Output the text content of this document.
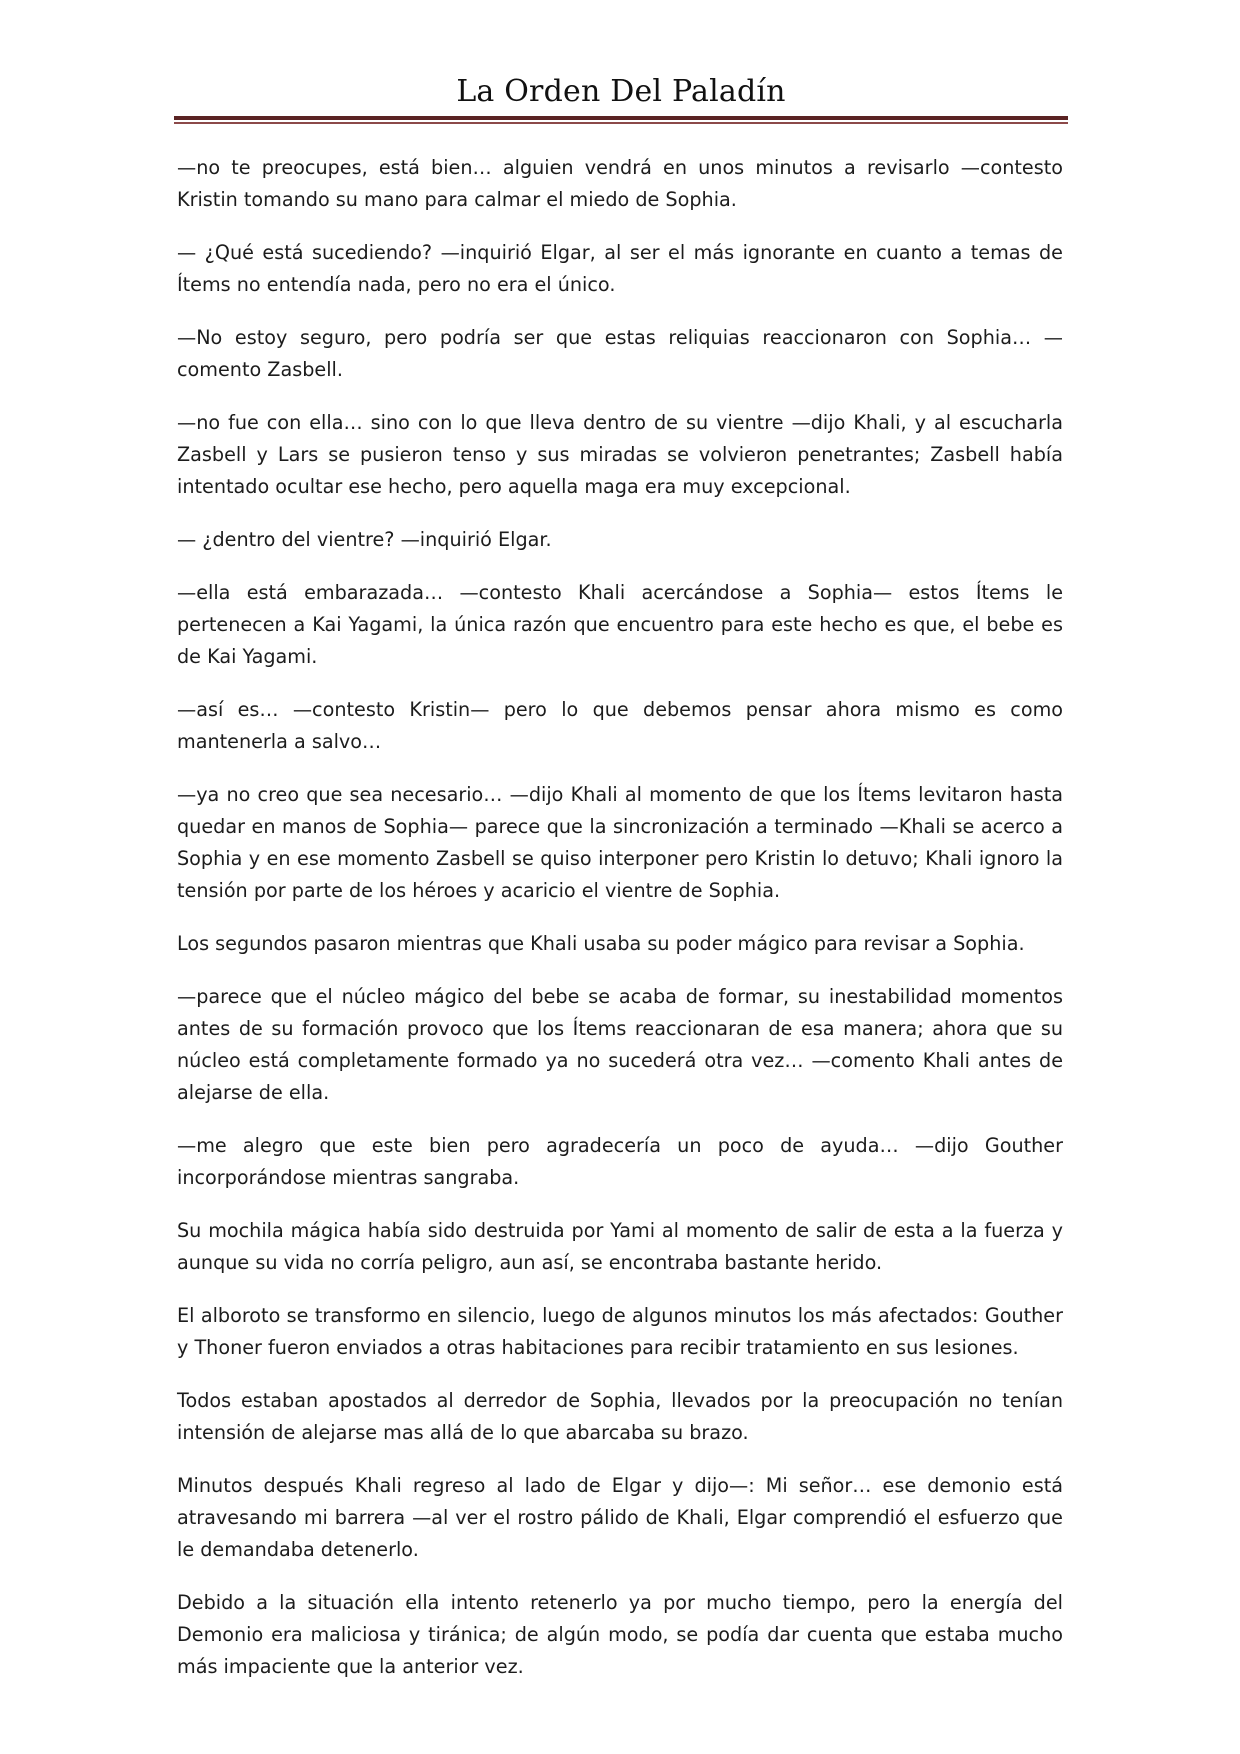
La Orden Del Paladín

—no te preocupes, está bien… alguien vendrá en unos minutos a revisarlo —contesto Kristin tomando su mano para calmar el miedo de Sophia.

— ¿Qué está sucediendo? —inquirió Elgar, al ser el más ignorante en cuanto a temas de Ítems no entendía nada, pero no era el único.

—No estoy seguro, pero podría ser que estas reliquias reaccionaron con Sophia… —comento Zasbell.

—no fue con ella… sino con lo que lleva dentro de su vientre —dijo Khali, y al escucharla Zasbell y Lars se pusieron tenso y sus miradas se volvieron penetrantes; Zasbell había intentado ocultar ese hecho, pero aquella maga era muy excepcional.

— ¿dentro del vientre? —inquirió Elgar.

—ella está embarazada… —contesto Khali acercándose a Sophia— estos Ítems le pertenecen a Kai Yagami, la única razón que encuentro para este hecho es que, el bebe es de Kai Yagami.

—así es… —contesto Kristin— pero lo que debemos pensar ahora mismo es como mantenerla a salvo…

—ya no creo que sea necesario… —dijo Khali al momento de que los Ítems levitaron hasta quedar en manos de Sophia— parece que la sincronización a terminado —Khali se acerco a Sophia y en ese momento Zasbell se quiso interponer pero Kristin lo detuvo; Khali ignoro la tensión por parte de los héroes y acaricio el vientre de Sophia.

Los segundos pasaron mientras que Khali usaba su poder mágico para revisar a Sophia.

—parece que el núcleo mágico del bebe se acaba de formar, su inestabilidad momentos antes de su formación provoco que los Ítems reaccionaran de esa manera; ahora que su núcleo está completamente formado ya no sucederá otra vez… —comento Khali antes de alejarse de ella.

—me alegro que este bien pero agradecería un poco de ayuda… —dijo Gouther incorporándose mientras sangraba.

Su mochila mágica había sido destruida por Yami al momento de salir de esta a la fuerza y aunque su vida no corría peligro, aun así, se encontraba bastante herido.

El alboroto se transformo en silencio, luego de algunos minutos los más afectados: Gouther y Thoner fueron enviados a otras habitaciones para recibir tratamiento en sus lesiones.

Todos estaban apostados al derredor de Sophia, llevados por la preocupación no tenían intensión de alejarse mas allá de lo que abarcaba su brazo.

Minutos después Khali regreso al lado de Elgar y dijo—: Mi señor… ese demonio está atravesando mi barrera —al ver el rostro pálido de Khali, Elgar comprendió el esfuerzo que le demandaba detenerlo.

Debido a la situación ella intento retenerlo ya por mucho tiempo, pero la energía del Demonio era maliciosa y tiránica; de algún modo, se podía dar cuenta que estaba mucho más impaciente que la anterior vez.
